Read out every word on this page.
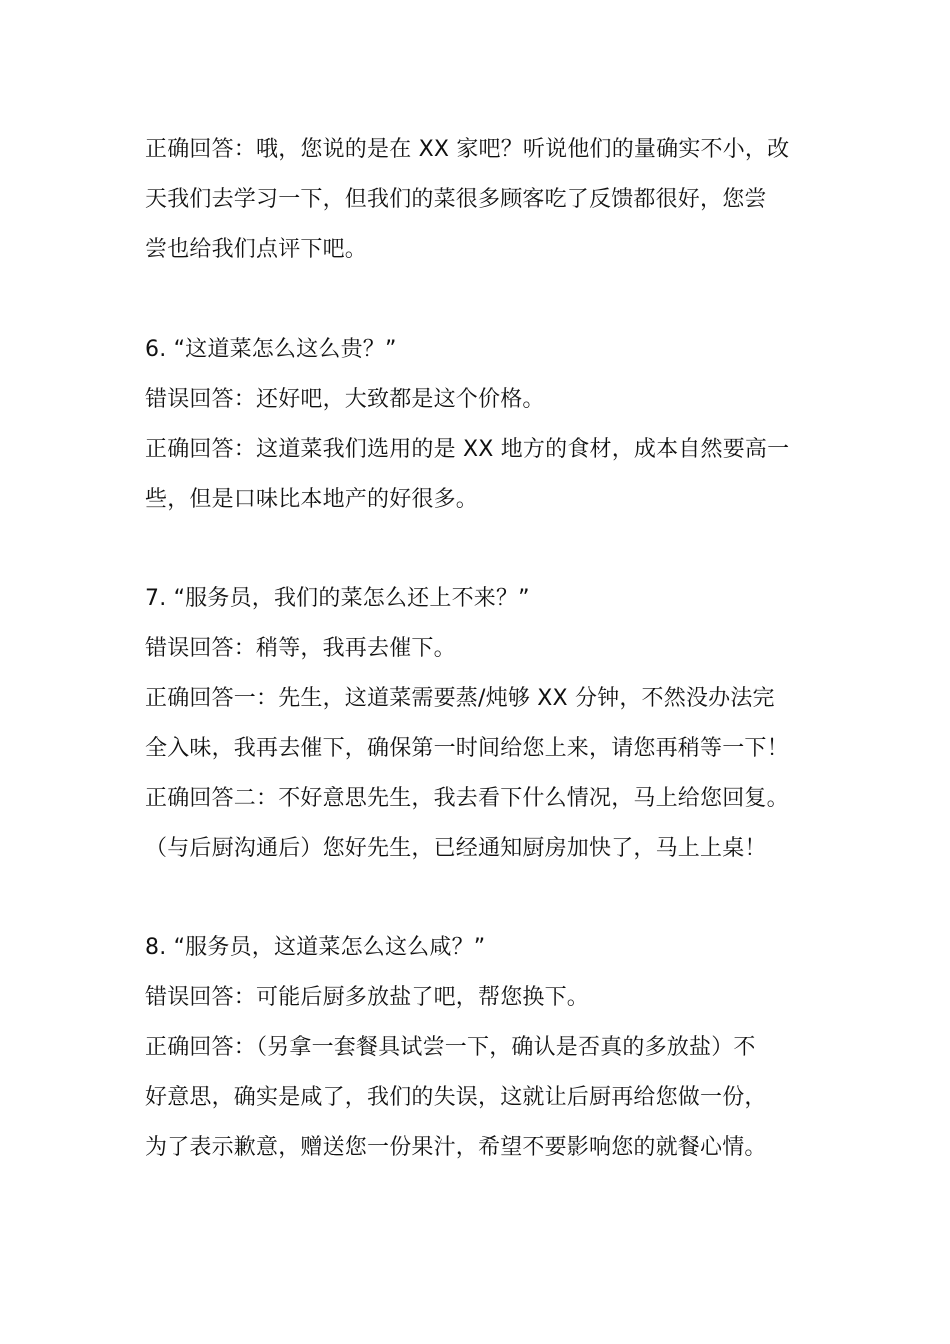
正确回答：哦，您说的是在 XX 家吧？听说他们的量确实不小，改
天我们去学习一下，但我们的菜很多顾客吃了反馈都很好，您尝
尝也给我们点评下吧。
6. “这道菜怎么这么贵？”
错误回答：还好吧，大致都是这个价格。
正确回答：这道菜我们选用的是 XX 地方的食材，成本自然要高一
些，但是口味比本地产的好很多。
7. “服务员，我们的菜怎么还上不来？”
错误回答：稍等，我再去催下。
正确回答一：先生，这道菜需要蒸/炖够 XX 分钟，不然没办法完
全入味，我再去催下，确保第一时间给您上来，请您再稍等一下！
正确回答二：不好意思先生，我去看下什么情况，马上给您回复。
（与后厨沟通后）您好先生，已经通知厨房加快了，马上上桌！
8. “服务员，这道菜怎么这么咸？”
错误回答：可能后厨多放盐了吧，帮您换下。
正确回答：（另拿一套餐具试尝一下，确认是否真的多放盐）不
好意思，确实是咸了，我们的失误，这就让后厨再给您做一份，
为了表示歉意，赠送您一份果汁，希望不要影响您的就餐心情。
